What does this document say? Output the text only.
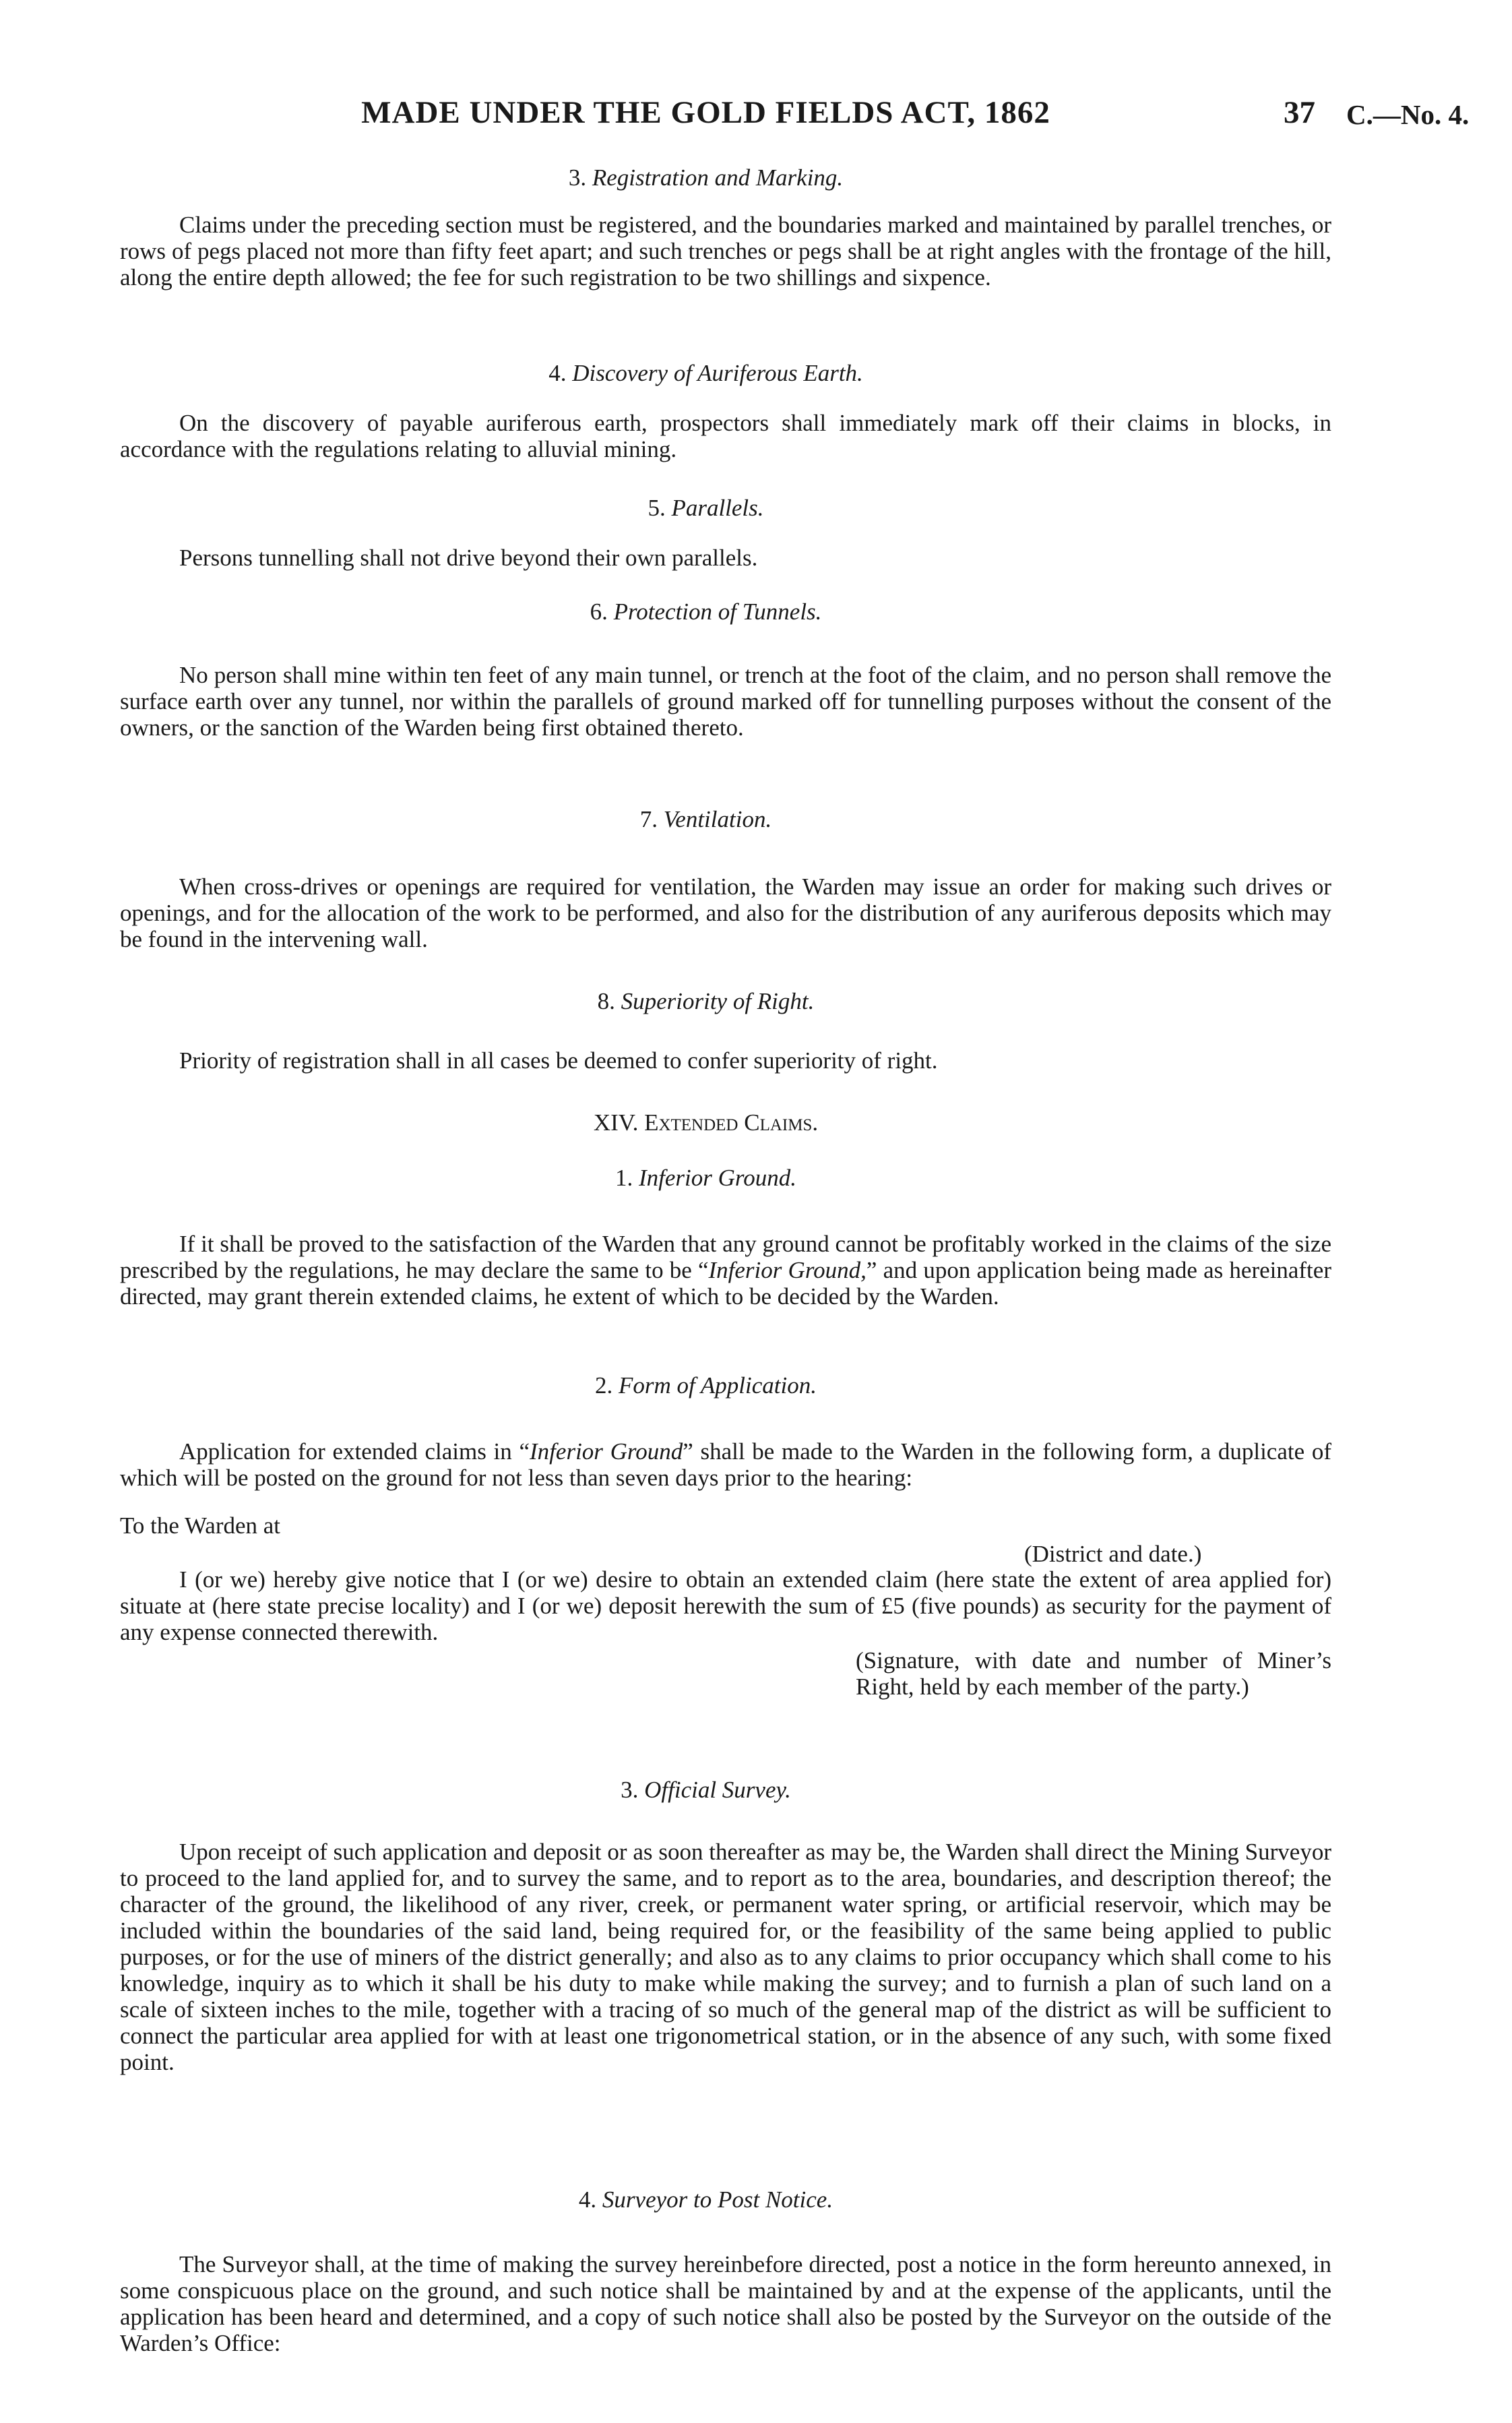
MADE UNDER THE GOLD FIELDS ACT, 1862	37 C.—No. 4.
3. Registration and Marking.
Claims under the preceding section must be registered, and the boundaries marked and maintained by parallel trenches, or rows of pegs placed not more than fifty feet apart; and such trenches or pegs shall be at right angles with the frontage of the hill, along the entire depth allowed; the fee for such registration to be two shillings and sixpence.
4. Discovery of Auriferous Earth.
On the discovery of payable auriferous earth, prospectors shall immediately mark off their claims in blocks, in accordance with the regulations relating to alluvial mining.
5. Parallels.
Persons tunnelling shall not drive beyond their own parallels.
6. Protection of Tunnels.
No person shall mine within ten feet of any main tunnel, or trench at the foot of the claim, and no person shall remove the surface earth over any tunnel, nor within the parallels of ground marked off for tunnelling purposes without the consent of the owners, or the sanction of the Warden being first obtained thereto.
7. Ventilation.
When cross-drives or openings are required for ventilation, the Warden may issue an order for making such drives or openings, and for the allocation of the work to be performed, and also for the distribution of any auriferous deposits which may be found in the intervening wall.
8. Superiority of Right.
Priority of registration shall in all cases be deemed to confer superiority of right.
XIV. Extended Claims.
1. Inferior Ground.
If it shall be proved to the satisfaction of the Warden that any ground cannot be profitably worked in the claims of the size prescribed by the regulations, he may declare the same to be “Inferior Ground,” and upon application being made as hereinafter directed, may grant therein extended claims, he extent of which to be decided by the Warden.
2. Form of Application.
Application for extended claims in “Inferior Ground” shall be made to the Warden in the following form, a duplicate of which will be posted on the ground for not less than seven days prior to the hearing:
To the Warden at
(District and date.)
I (or we) hereby give notice that I (or we) desire to obtain an extended claim (here state the extent of area applied for) situate at (here state precise locality) and I (or we) deposit herewith the sum of £5 (five pounds) as security for the payment of any expense connected therewith.
(Signature, with date and number of Miner’s Right, held by each member of the party.)
3. Official Survey.
Upon receipt of such application and deposit or as soon thereafter as may be, the Warden shall direct the Mining Surveyor to proceed to the land applied for, and to survey the same, and to report as to the area, boundaries, and description thereof; the character of the ground, the likelihood of any river, creek, or permanent water spring, or artificial reservoir, which may be included within the boundaries of the said land, being required for, or the feasibility of the same being applied to public purposes, or for the use of miners of the district generally; and also as to any claims to prior occupancy which shall come to his knowledge, inquiry as to which it shall be his duty to make while making the survey; and to furnish a plan of such land on a scale of sixteen inches to the mile, together with a tracing of so much of the general map of the district as will be sufficient to connect the particular area applied for with at least one trigonometrical station, or in the absence of any such, with some fixed point.
4. Surveyor to Post Notice.
The Surveyor shall, at the time of making the survey hereinbefore directed, post a notice in the form hereunto annexed, in some conspicuous place on the ground, and such notice shall be maintained by and at the expense of the applicants, until the application has been heard and determined, and a copy of such notice shall also be posted by the Surveyor on the outside of the Warden’s Office:
